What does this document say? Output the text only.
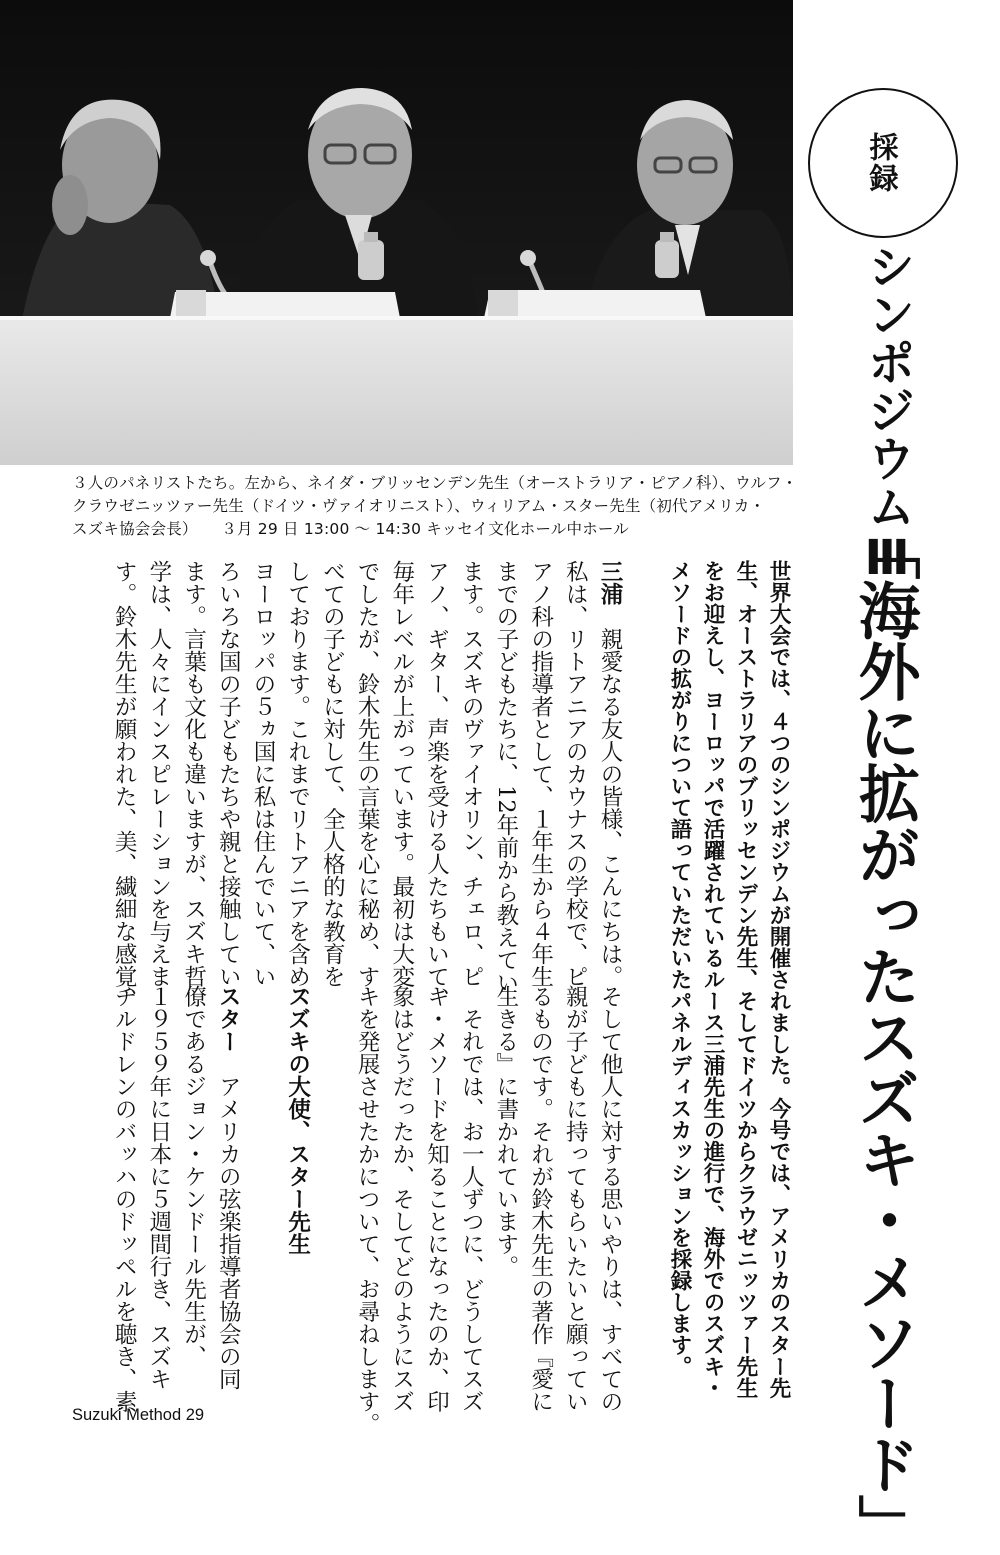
３人のパネリストたち。左から、ネイダ・ブリッセンデン先生（オーストラリア・ピアノ科）、ウルフ・
クラウゼニッツァー先生（ドイツ・ヴァイオリニスト）、ウィリアム・スター先生（初代アメリカ・
スズキ協会会長）　　３月 29 日 13:00 〜 14:30 キッセイ文化ホール中ホール
採録
シンポジウムⅢ
「海外に拡がったスズキ・メソード」
世界大会では、４つのシンポジウムが開催されました。今号では、アメリカのスター先
生、オーストラリアのブリッセンデン先生、そしてドイツからクラウゼニッツァー先生
をお迎えし、ヨーロッパで活躍されているルース三浦先生の進行で、海外でのスズキ・
メソードの拡がりについて語っていただいたパネルディスカッションを採録します。
三浦　親愛なる友人の皆様、こんにちは。
私は、リトアニアのカウナスの学校で、ピ
アノ科の指導者として、１年生から４年生
までの子どもたちに、12年前から教えてい
ます。スズキのヴァイオリン、チェロ、ピ
アノ、ギター、声楽を受ける人たちもいて、
毎年レベルが上がっています。最初は大変
でしたが、鈴木先生の言葉を心に秘め、す
べての子どもに対して、全人格的な教育を
しております。これまでリトアニアを含め、
ヨーロッパの５ヵ国に私は住んでいて、い
ろいろな国の子どもたちや親と接触してい
ます。言葉も文化も違いますが、スズキ哲
学は、人々にインスピレーションを与えま
す。鈴木先生が願われた、美、繊細な感覚、
そして他人に対する思いやりは、すべての
親が子どもに持ってもらいたいと願ってい
るものです。それが鈴木先生の著作『愛に
生きる』に書かれています。
　それでは、お一人ずつに、どうしてスズ
キ・メソードを知ることになったのか、印
象はどうだったか、そしてどのようにスズ
キを発展させたかについて、お尋ねします。
スズキの大使、スター先生
スター　アメリカの弦楽指導者協会の同
僚であるジョン・ケンドール先生が、
１９５９年に日本に５週間行き、スズキ
チルドレンのバッハのドッペルを聴き、素
Suzuki Method 29
